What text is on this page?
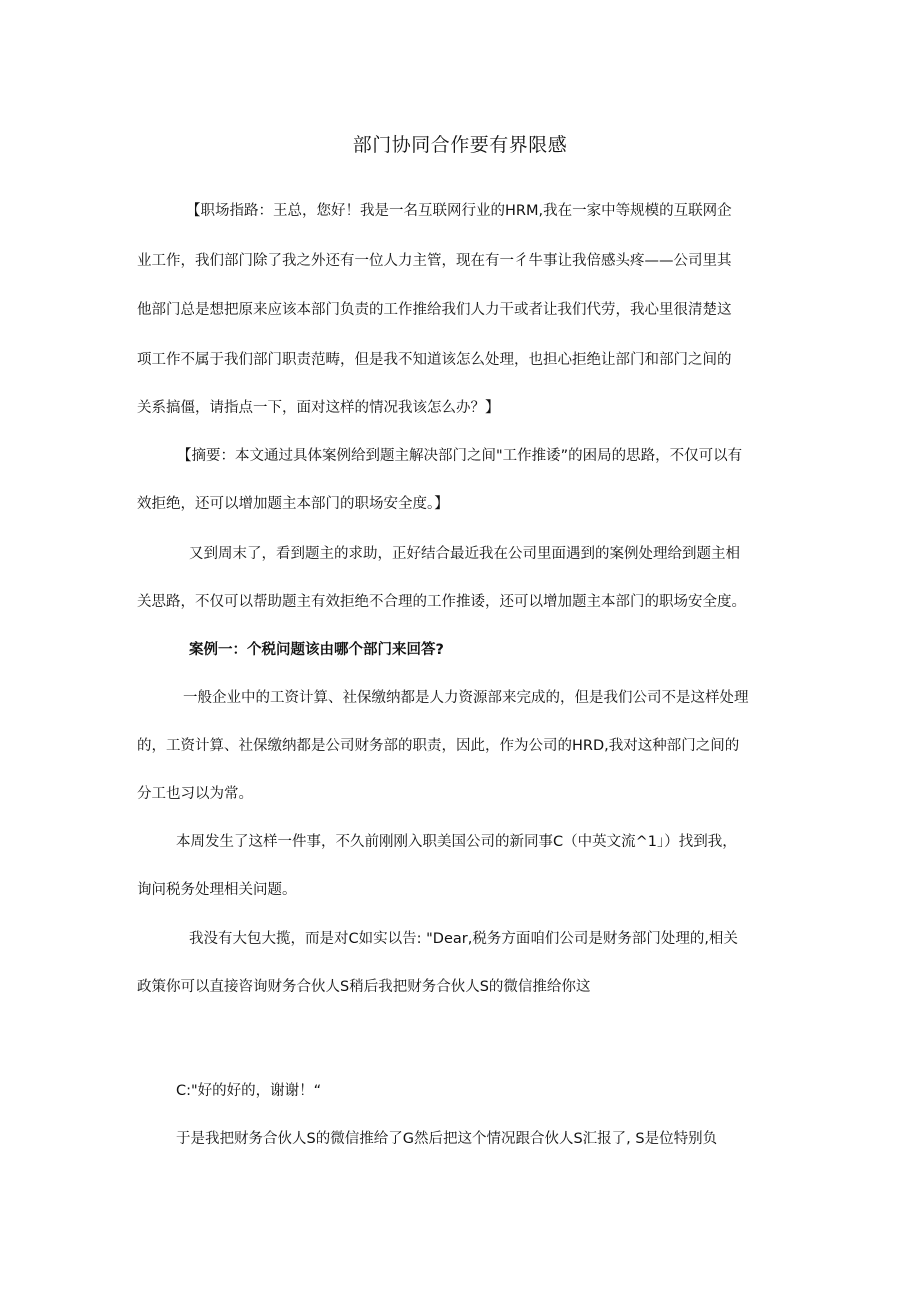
部门协同合作要有界限感
【职场指路：王总，您好！我是一名互联网行业的HRM,我在一家中等规模的互联网企
业工作，我们部门除了我之外还有一位人力主管，现在有一彳牛事让我倍感头疼——公司里其
他部门总是想把原来应该本部门负责的工作推给我们人力干或者让我们代劳，我心里很清楚这
项工作不属于我们部门职责范畴，但是我不知道该怎么处理，也担心拒绝让部门和部门之间的
关系搞僵，请指点一下，面对这样的情况我该怎么办？】
【摘要：本文通过具体案例给到题主解决部门之间"工作推诿”的困局的思路，不仅可以有
效拒绝，还可以增加题主本部门的职场安全度。】
又到周末了，看到题主的求助，正好结合最近我在公司里面遇到的案例处理给到题主相
关思路，不仅可以帮助题主有效拒绝不合理的工作推诿，还可以增加题主本部门的职场安全度。
案例一：个税问题该由哪个部门来回答?
一般企业中的工资计算、社保缴纳都是人力资源部来完成的，但是我们公司不是这样处理
的，工资计算、社保缴纳都是公司财务部的职责，因此，作为公司的HRD,我对这种部门之间的
分工也习以为常。
本周发生了这样一件事，不久前刚刚入职美国公司的新同事C（中英文流^1」）找到我，
询问税务处理相关问题。
我没有大包大揽，而是对C如实以告: "Dear,税务方面咱们公司是财务部门处理的,相关
政策你可以直接咨询财务合伙人S稍后我把财务合伙人S的微信推给你这
C:"好的好的，谢谢！“
于是我把财务合伙人S的微信推给了G然后把这个情况跟合伙人S汇报了, S是位特别负
